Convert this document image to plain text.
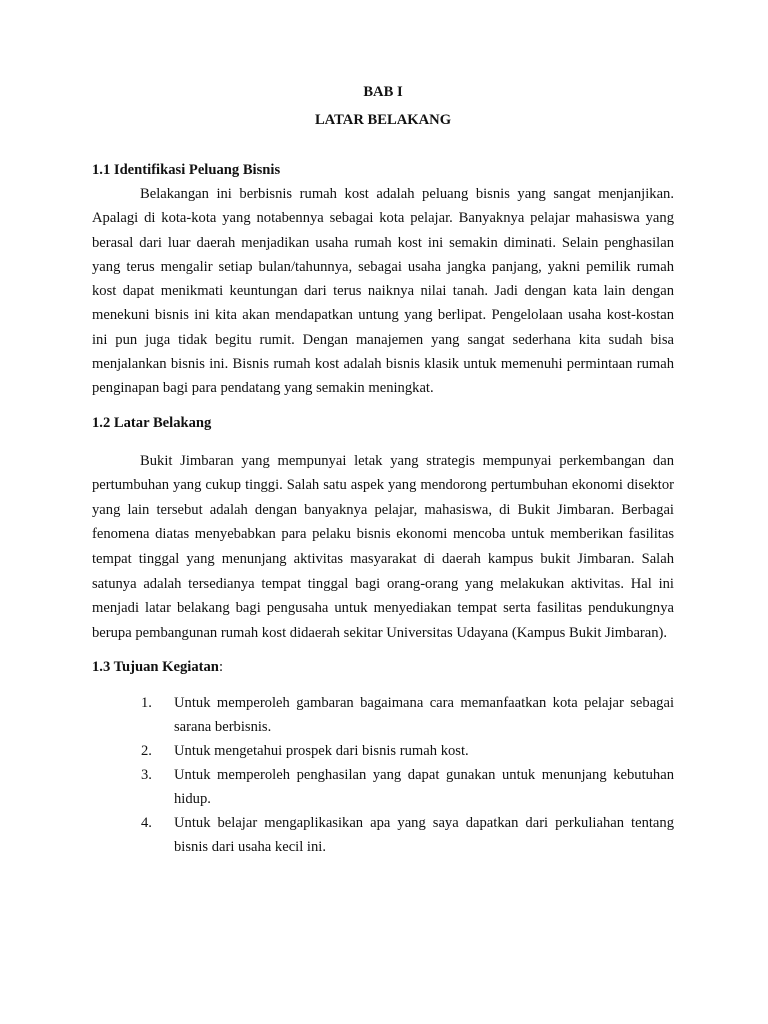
BAB I
LATAR BELAKANG
1.1 Identifikasi Peluang Bisnis

Belakangan ini berbisnis rumah kost adalah peluang bisnis yang sangat menjanjikan. Apalagi di kota-kota yang notabennya sebagai kota pelajar. Banyaknya pelajar mahasiswa yang berasal dari luar daerah menjadikan usaha rumah kost ini semakin diminati. Selain penghasilan yang terus mengalir setiap bulan/tahunnya, sebagai usaha jangka panjang, yakni pemilik rumah kost dapat menikmati keuntungan dari terus naiknya nilai tanah. Jadi dengan kata lain dengan menekuni bisnis ini kita akan mendapatkan untung yang berlipat. Pengelolaan usaha kost-kostan ini pun juga tidak begitu rumit. Dengan manajemen yang sangat sederhana kita sudah bisa menjalankan bisnis ini. Bisnis rumah kost adalah bisnis klasik untuk memenuhi permintaan rumah penginapan bagi para pendatang yang semakin meningkat.

1.2 Latar Belakang

Bukit Jimbaran yang mempunyai letak yang strategis mempunyai perkembangan dan pertumbuhan yang cukup tinggi. Salah satu aspek yang mendorong pertumbuhan ekonomi disektor yang lain tersebut adalah dengan banyaknya pelajar, mahasiswa, di Bukit Jimbaran. Berbagai fenomena diatas menyebabkan para pelaku bisnis ekonomi mencoba untuk memberikan fasilitas tempat tinggal yang menunjang aktivitas masyarakat di daerah kampus bukit Jimbaran. Salah satunya adalah tersedianya tempat tinggal bagi orang-orang yang melakukan aktivitas. Hal ini menjadi latar belakang bagi pengusaha untuk menyediakan tempat serta fasilitas pendukungnya berupa pembangunan rumah kost didaerah sekitar Universitas Udayana (Kampus Bukit Jimbaran).

1.3 Tujuan Kegiatan:
1.	Untuk memperoleh gambaran bagaimana cara memanfaatkan kota pelajar sebagai sarana berbisnis.
2.	Untuk mengetahui prospek dari bisnis rumah kost.
3.	Untuk memperoleh penghasilan yang dapat gunakan untuk menunjang kebutuhan hidup.
4.	Untuk belajar mengaplikasikan apa yang saya dapatkan dari perkuliahan tentang bisnis dari usaha kecil ini.
